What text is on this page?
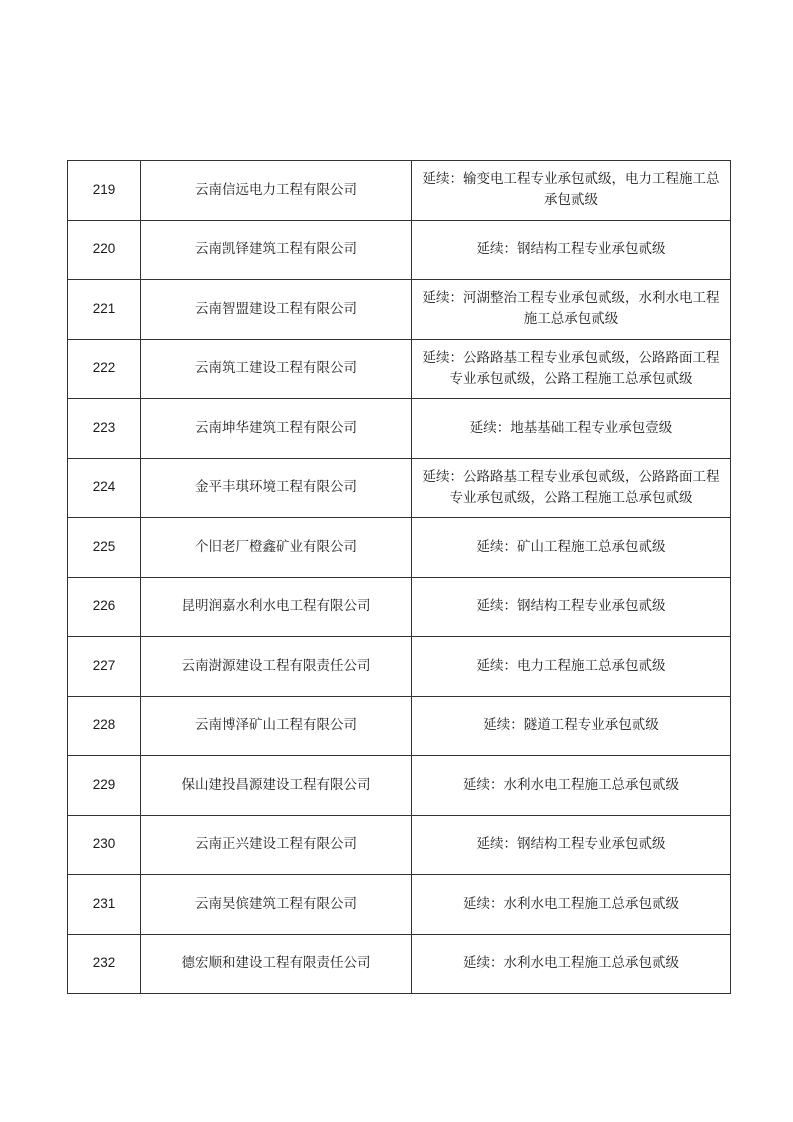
219	云南信远电力工程有限公司	延续：输变电工程专业承包贰级，电力工程施工总承包贰级
220	云南凯铎建筑工程有限公司	延续：钢结构工程专业承包贰级
221	云南智盟建设工程有限公司	延续：河湖整治工程专业承包贰级，水利水电工程施工总承包贰级
222	云南筑工建设工程有限公司	延续：公路路基工程专业承包贰级，公路路面工程专业承包贰级，公路工程施工总承包贰级
223	云南坤华建筑工程有限公司	延续：地基基础工程专业承包壹级
224	金平丰琪环境工程有限公司	延续：公路路基工程专业承包贰级，公路路面工程专业承包贰级，公路工程施工总承包贰级
225	个旧老厂橙鑫矿业有限公司	延续：矿山工程施工总承包贰级
226	昆明润嘉水利水电工程有限公司	延续：钢结构工程专业承包贰级
227	云南澍源建设工程有限责任公司	延续：电力工程施工总承包贰级
228	云南博泽矿山工程有限公司	延续：隧道工程专业承包贰级
229	保山建投昌源建设工程有限公司	延续：水利水电工程施工总承包贰级
230	云南正兴建设工程有限公司	延续：钢结构工程专业承包贰级
231	云南昊傧建筑工程有限公司	延续：水利水电工程施工总承包贰级
232	德宏顺和建设工程有限责任公司	延续：水利水电工程施工总承包贰级
